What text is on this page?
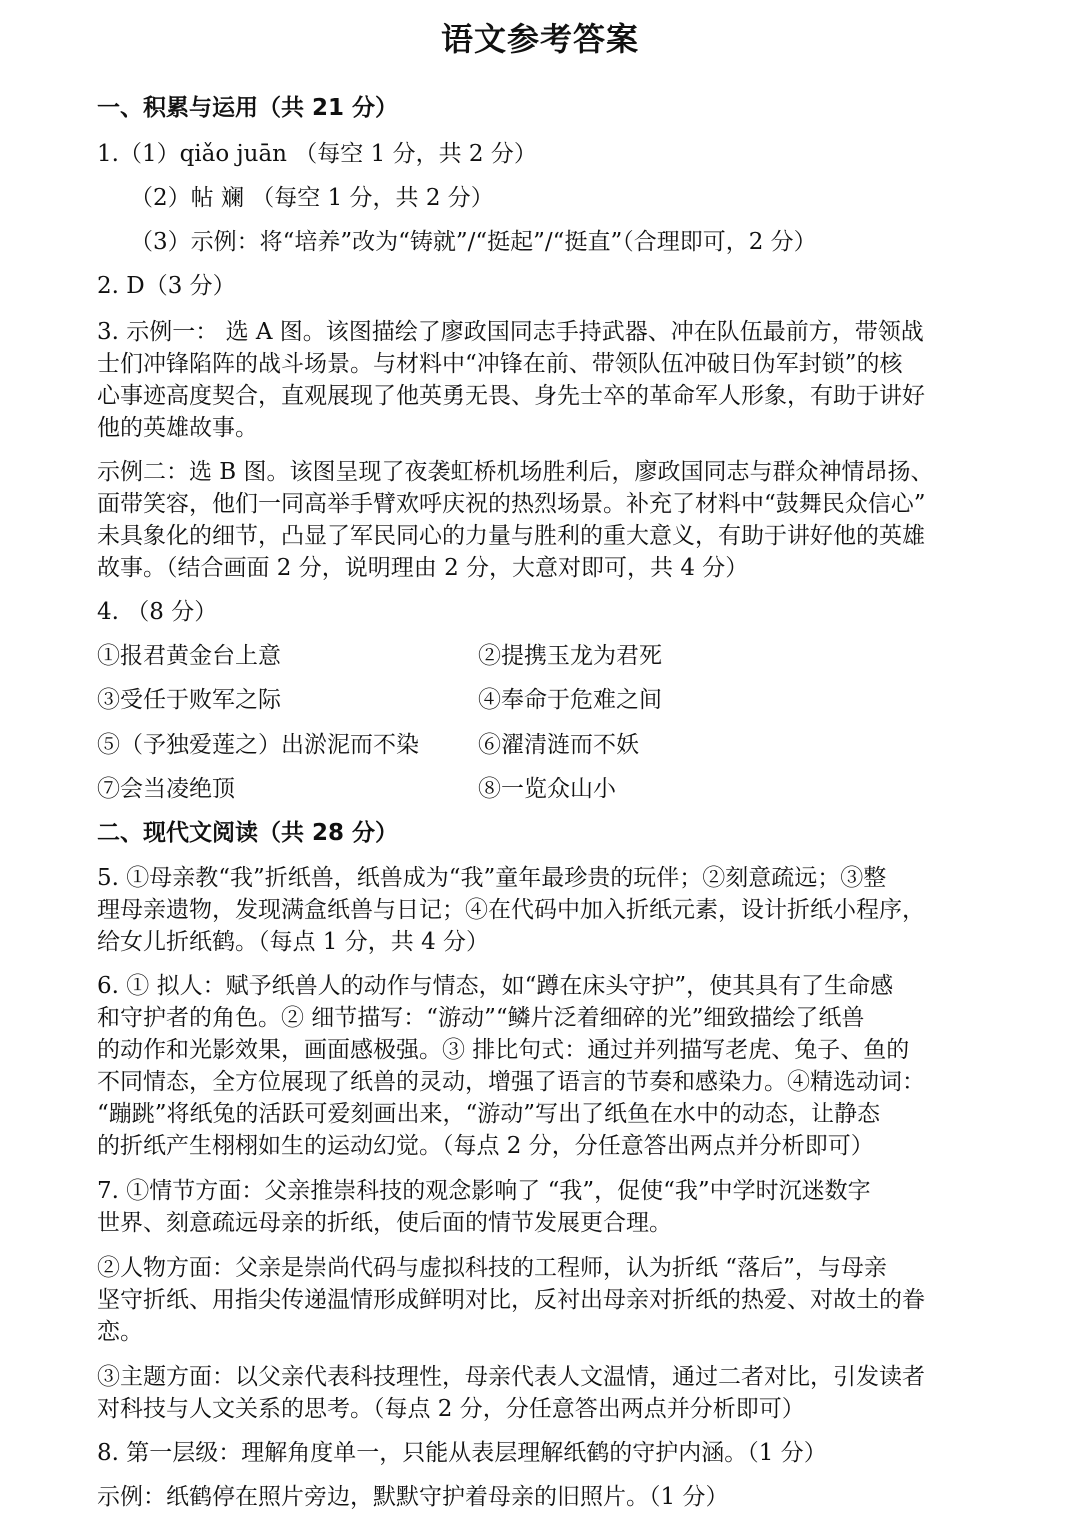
语文参考答案
一、积累与运用（共 21 分）
1.（1）qiǎo juān （每空 1 分，共 2 分）
（2）帖 斓 （每空 1 分，共 2 分）
（3）示例：将“培养”改为“铸就”/“挺起”/“挺直”（合理即可，2 分）
2. D（3 分）
3. 示例一： 选 A 图。该图描绘了廖政国同志手持武器、冲在队伍最前方，带领战
士们冲锋陷阵的战斗场景。与材料中“冲锋在前、带领队伍冲破日伪军封锁”的核
心事迹高度契合，直观展现了他英勇无畏、身先士卒的革命军人形象，有助于讲好
他的英雄故事。
示例二：选 B 图。该图呈现了夜袭虹桥机场胜利后，廖政国同志与群众神情昂扬、
面带笑容，他们一同高举手臂欢呼庆祝的热烈场景。补充了材料中“鼓舞民众信心”
未具象化的细节，凸显了军民同心的力量与胜利的重大意义，有助于讲好他的英雄
故事。（结合画面 2 分，说明理由 2 分，大意对即可，共 4 分）
4. （8 分）
①报君黄金台上意	②提携玉龙为君死
③受任于败军之际	④奉命于危难之间
⑤（予独爱莲之）出淤泥而不染	⑥濯清涟而不妖
⑦会当凌绝顶	⑧一览众山小
二、现代文阅读（共 28 分）
5. ①母亲教“我”折纸兽，纸兽成为“我”童年最珍贵的玩伴；②刻意疏远；③整
理母亲遗物，发现满盒纸兽与日记；④在代码中加入折纸元素，设计折纸小程序，
给女儿折纸鹤。（每点 1 分，共 4 分）
6. ① 拟人：赋予纸兽人的动作与情态，如“蹲在床头守护”，使其具有了生命感
和守护者的角色。② 细节描写：“游动”“鳞片泛着细碎的光”细致描绘了纸兽
的动作和光影效果，画面感极强。③ 排比句式：通过并列描写老虎、兔子、鱼的
不同情态，全方位展现了纸兽的灵动，增强了语言的节奏和感染力。④精选动词：
“蹦跳”将纸兔的活跃可爱刻画出来，“游动”写出了纸鱼在水中的动态，让静态
的折纸产生栩栩如生的运动幻觉。（每点 2 分，分任意答出两点并分析即可）
7. ①情节方面：父亲推崇科技的观念影响了 “我”，促使“我”中学时沉迷数字
世界、刻意疏远母亲的折纸，使后面的情节发展更合理。
②人物方面：父亲是崇尚代码与虚拟科技的工程师，认为折纸 “落后”，与母亲
坚守折纸、用指尖传递温情形成鲜明对比，反衬出母亲对折纸的热爱、对故土的眷
恋。
③主题方面：以父亲代表科技理性，母亲代表人文温情，通过二者对比，引发读者
对科技与人文关系的思考。（每点 2 分，分任意答出两点并分析即可）
8. 第一层级：理解角度单一，只能从表层理解纸鹤的守护内涵。（1 分）
示例：纸鹤停在照片旁边，默默守护着母亲的旧照片。（1 分）
